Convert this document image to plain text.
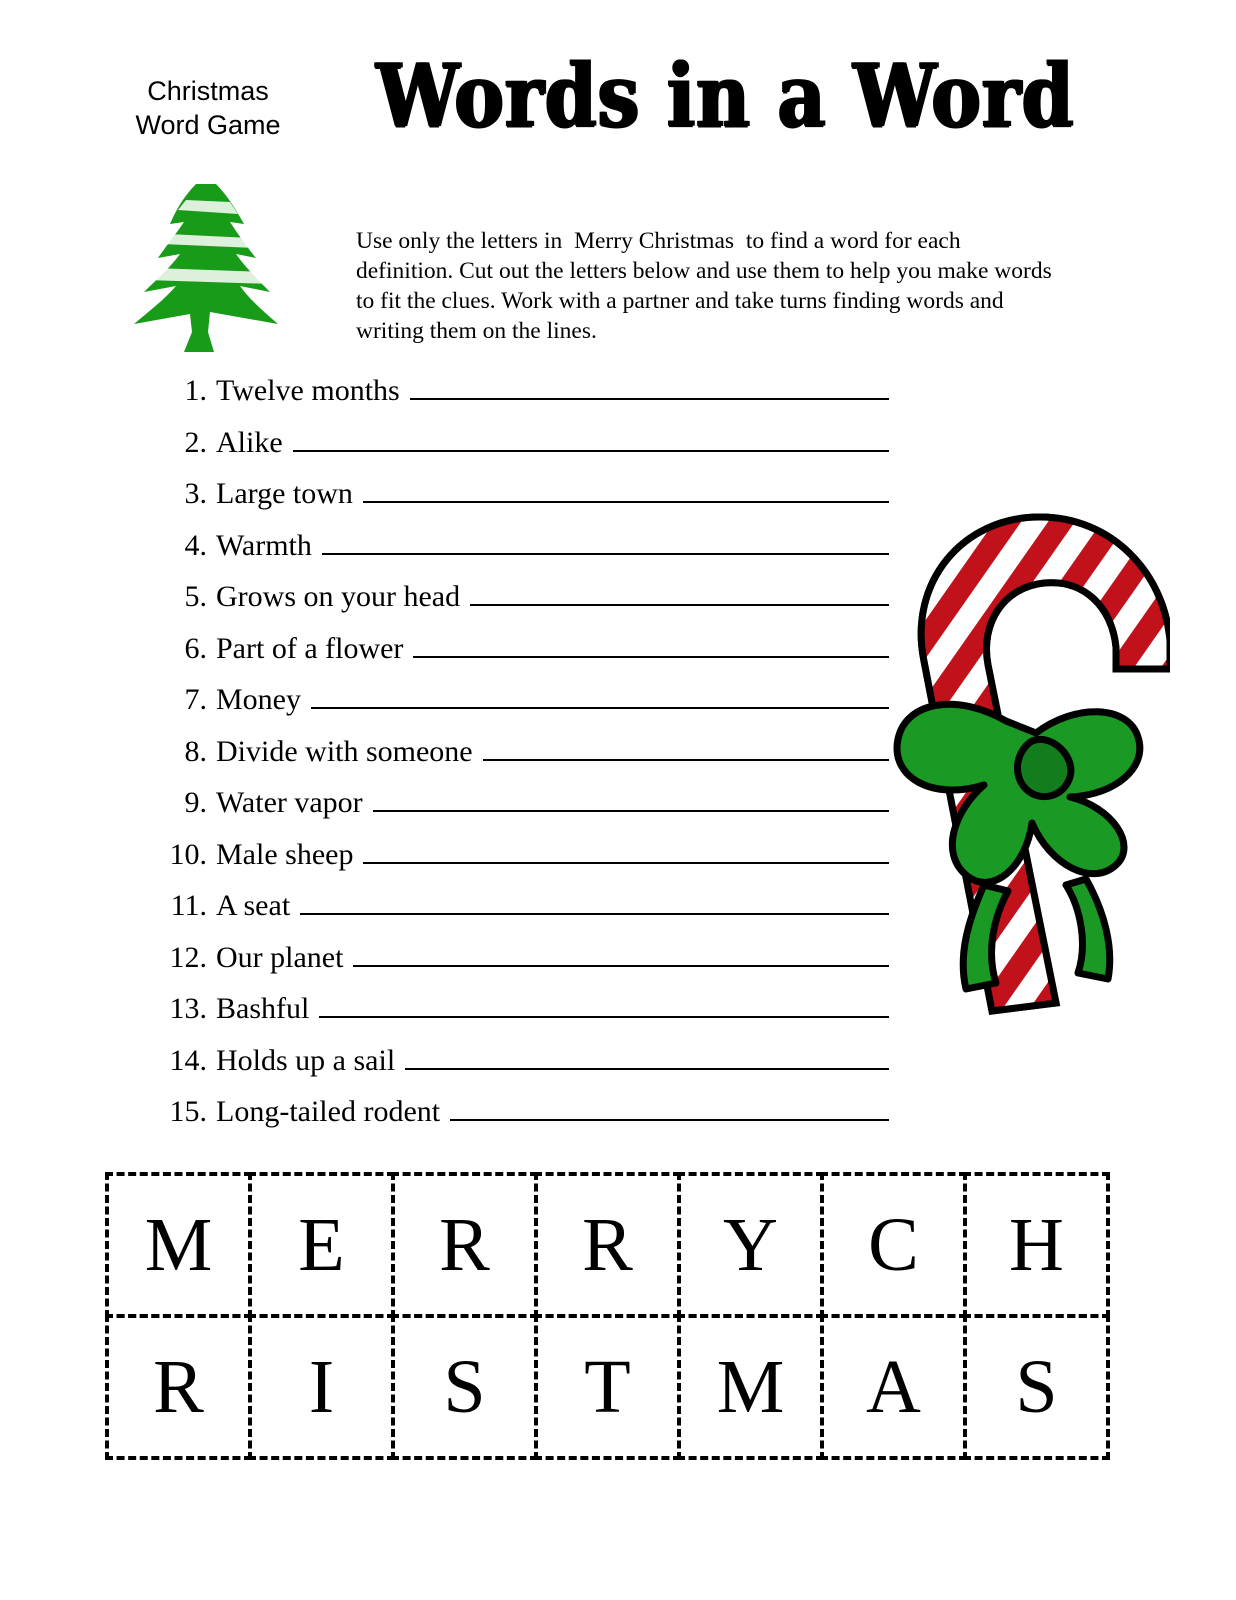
Christmas
Word Game	Words in a Word

Use only the letters in Merry Christmas to find a word for each definition. Cut out the letters below and use them to help you make words to fit the clues. Work with a partner and take turns finding words and writing them on the lines.

1. Twelve months
2. Alike
3. Large town
4. Warmth
5. Grows on your head
6. Part of a flower
7. Money
8. Divide with someone
9. Water vapor
10. Male sheep
11. A seat
12. Our planet
13. Bashful
14. Holds up a sail
15. Long-tailed rodent
M	E	R	R	Y	C	H
R	I	S	T	M	A	S
